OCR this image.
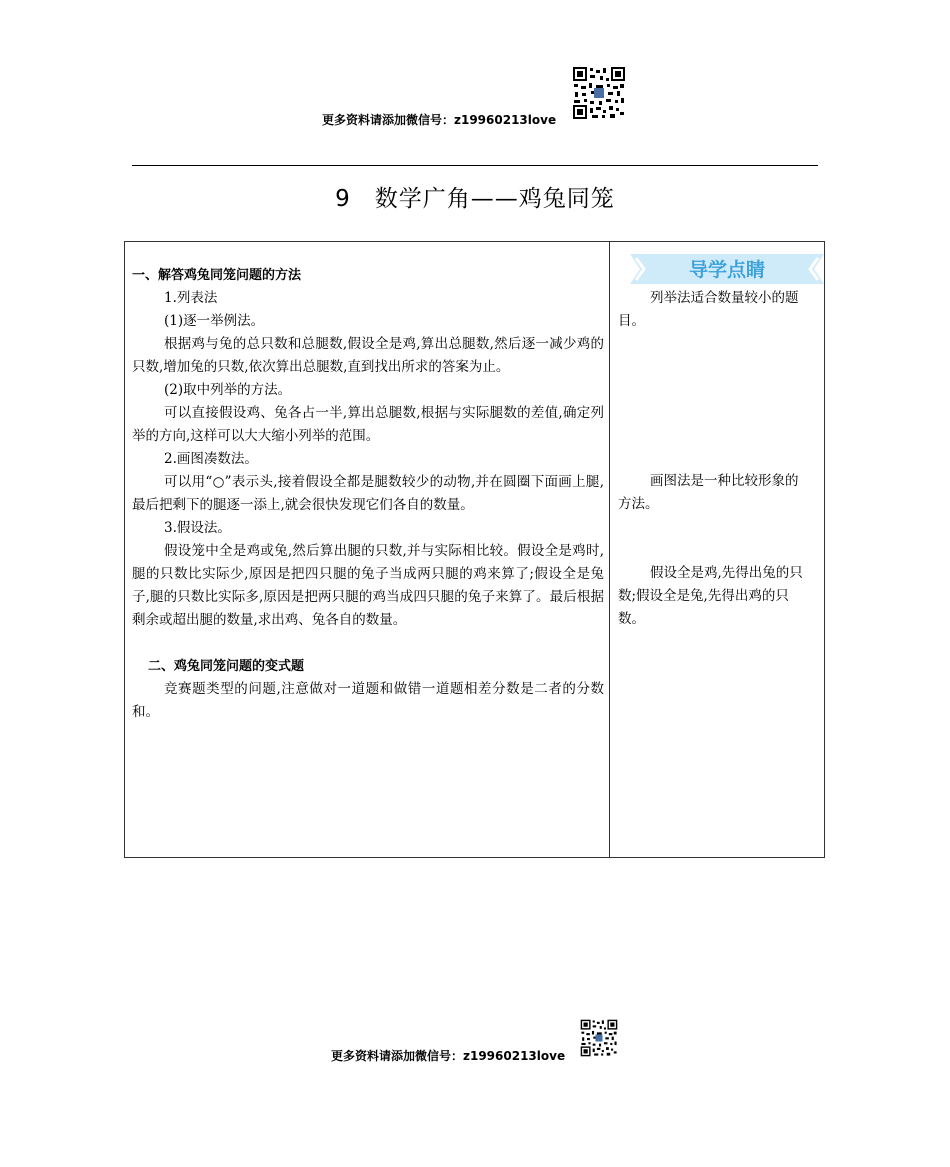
更多资料请添加微信号：z19960213love
9　数学广角——鸡兔同笼

一、解答鸡兔同笼问题的方法

1.列表法

(1)逐一举例法。

根据鸡与兔的总只数和总腿数,假设全是鸡,算出总腿数,然后逐一减少鸡的只数,增加兔的只数,依次算出总腿数,直到找出所求的答案为止。

(2)取中列举的方法。

可以直接假设鸡、兔各占一半,算出总腿数,根据与实际腿数的差值,确定列举的方向,这样可以大大缩小列举的范围。

2.画图凑数法。

可以用“○”表示头,接着假设全都是腿数较少的动物,并在圆圈下面画上腿,最后把剩下的腿逐一添上,就会很快发现它们各自的数量。

3.假设法。

假设笼中全是鸡或兔,然后算出腿的只数,并与实际相比较。假设全是鸡时,腿的只数比实际少,原因是把四只腿的兔子当成两只腿的鸡来算了;假设全是兔子,腿的只数比实际多,原因是把两只腿的鸡当成四只腿的兔子来算了。最后根据剩余或超出腿的数量,求出鸡、兔各自的数量。

二、鸡兔同笼问题的变式题

竞赛题类型的问题,注意做对一道题和做错一道题相差分数是二者的分数和。

导学点睛

列举法适合数量较小的题目。

画图法是一种比较形象的方法。

假设全是鸡,先得出兔的只数;假设全是兔,先得出鸡的只数。

更多资料请添加微信号：z19960213love
